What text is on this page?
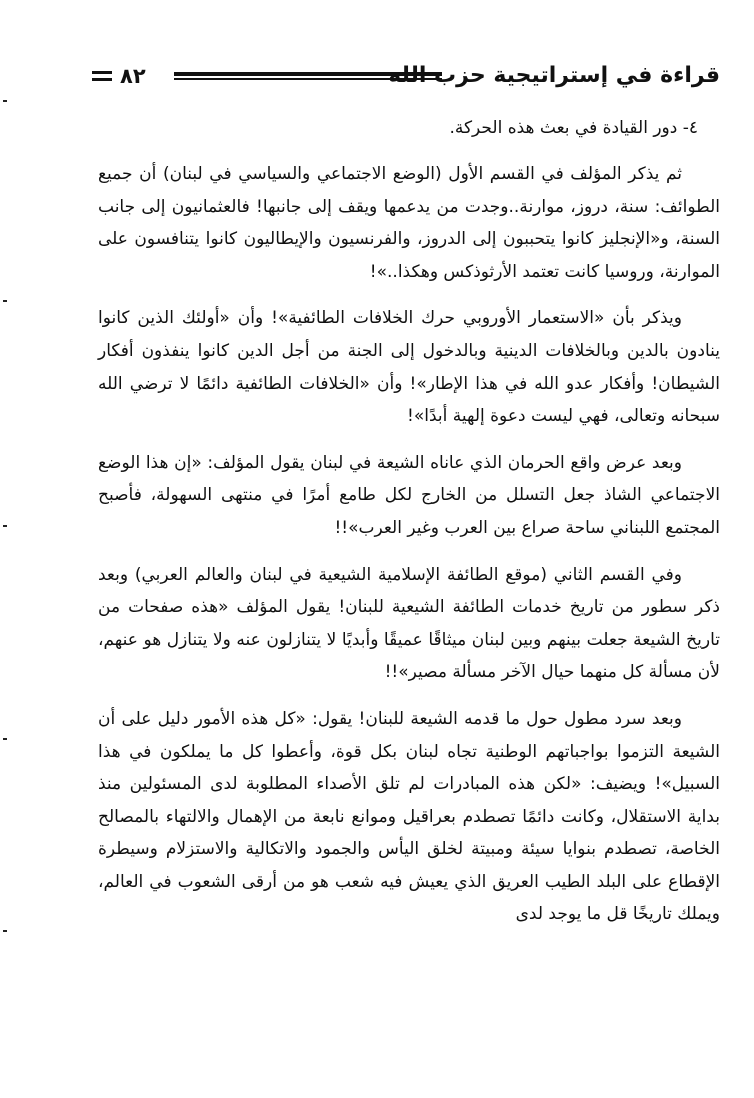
قراءة في إستراتيجية حزب الله
٨٢

٤- دور القيادة في بعث هذه الحركة.

ثم يذكر المؤلف في القسم الأول (الوضع الاجتماعي والسياسي في لبنان) أن جميع الطوائف: سنة، دروز، موارنة..وجدت من يدعمها ويقف إلى جانبها! فالعثمانيون إلى جانب السنة، و«الإنجليز كانوا يتحببون إلى الدروز، والفرنسيون والإيطاليون كانوا يتنافسون على الموارنة، وروسيا كانت تعتمد الأرثوذكس وهكذا..»!

ويذكر بأن «الاستعمار الأوروبي حرك الخلافات الطائفية»! وأن «أولئك الذين كانوا ينادون بالدين وبالخلافات الدينية وبالدخول إلى الجنة من أجل الدين كانوا ينفذون أفكار الشيطان! وأفكار عدو الله في هذا الإطار»! وأن «الخلافات الطائفية دائمًا لا ترضي الله سبحانه وتعالى، فهي ليست دعوة إلهية أبدًا»!

وبعد عرض واقع الحرمان الذي عاناه الشيعة في لبنان يقول المؤلف: «إن هذا الوضع الاجتماعي الشاذ جعل التسلل من الخارج لكل طامع أمرًا في منتهى السهولة، فأصبح المجتمع اللبناني ساحة صراع بين العرب وغير العرب»!!

وفي القسم الثاني (موقع الطائفة الإسلامية الشيعية في لبنان والعالم العربي) وبعد ذكر سطور من تاريخ خدمات الطائفة الشيعية للبنان! يقول المؤلف «هذه صفحات من تاريخ الشيعة جعلت بينهم وبين لبنان ميثاقًا عميقًا وأبديًا لا يتنازلون عنه ولا يتنازل هو عنهم، لأن مسألة كل منهما حيال الآخر مسألة مصير»!!

وبعد سرد مطول حول ما قدمه الشيعة للبنان! يقول: «كل هذه الأمور دليل على أن الشيعة التزموا بواجباتهم الوطنية تجاه لبنان بكل قوة، وأعطوا كل ما يملكون في هذا السبيل»! ويضيف: «لكن هذه المبادرات لم تلق الأصداء المطلوبة لدى المسئولين منذ بداية الاستقلال، وكانت دائمًا تصطدم بعراقيل وموانع نابعة من الإهمال والالتهاء بالمصالح الخاصة، تصطدم بنوايا سيئة ومبيتة لخلق اليأس والجمود والاتكالية والاستزلام وسيطرة الإقطاع على البلد الطيب العريق الذي يعيش فيه شعب هو من أرقى الشعوب في العالم، ويملك تاريخًا قل ما يوجد لدى
